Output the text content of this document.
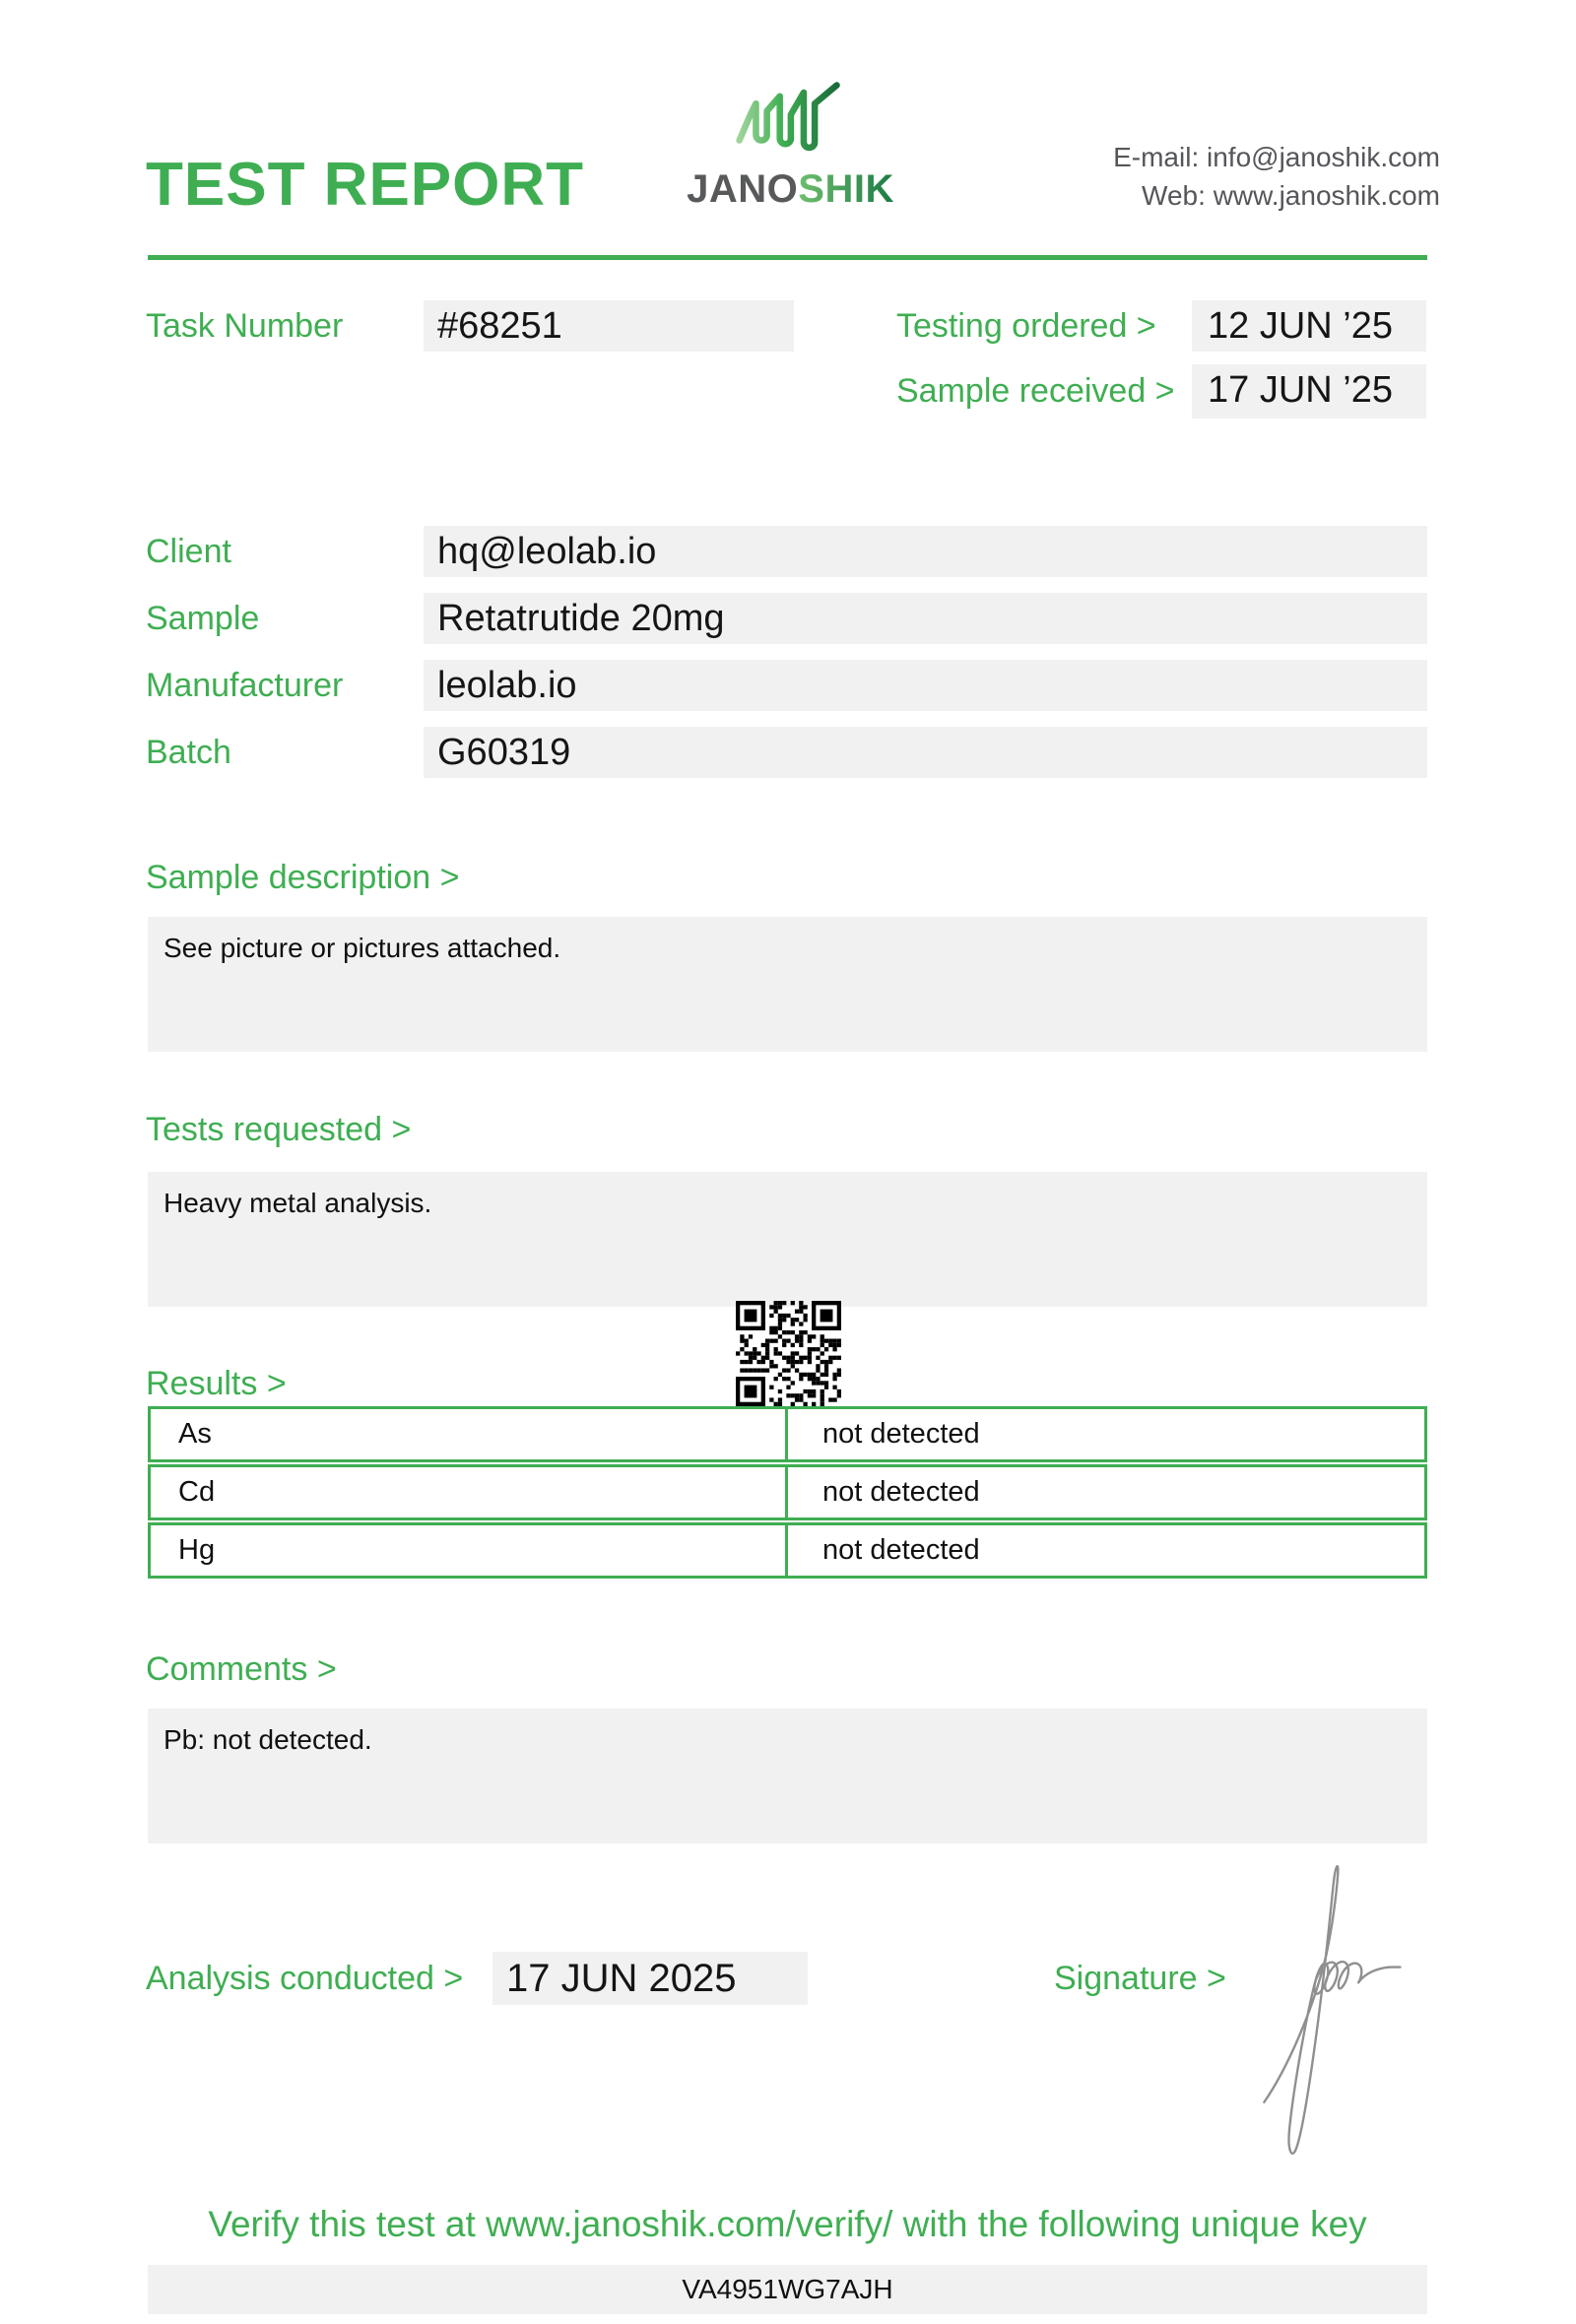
TEST REPORT	JANOSHIK
E-mail: info@janoshik.com
Web: www.janoshik.com
Task Number	#68251	Testing ordered >	12 JUN ’25
Sample received > 17 JUN ’25
Client	hq@leolab.io
Sample	Retatrutide 20mg
Manufacturer	leolab.io
Batch	G60319
Sample description >
See picture or pictures attached.
Tests requested >
Heavy metal analysis.
Results >
As	not detected
Cd	not detected
Hg	not detected
Comments >
Pb: not detected.
Analysis conducted >	17 JUN 2025	Signature >
Verify this test at www.janoshik.com/verify/ with the following unique key
VA4951WG7AJH
